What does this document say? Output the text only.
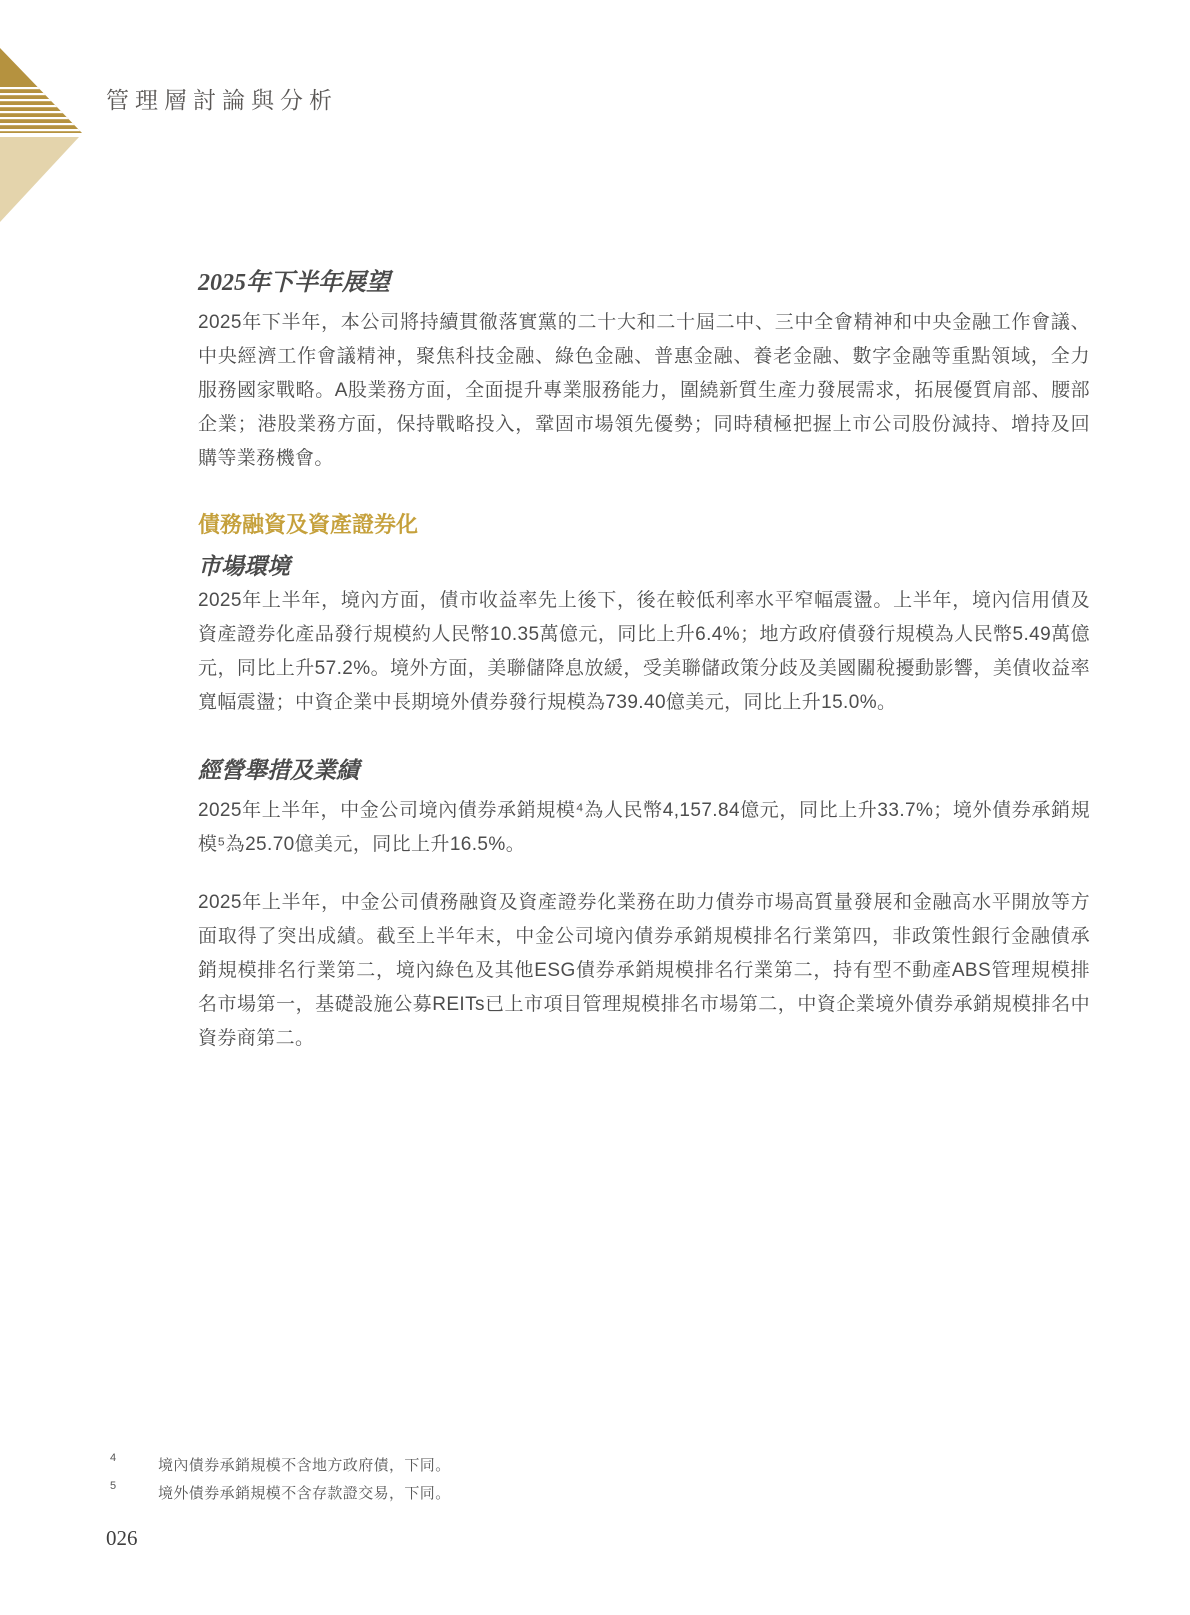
管理層討論與分析
2025年下半年展望
2025年下半年，本公司將持續貫徹落實黨的二十大和二十屆二中、三中全會精神和中央金融工作會議、中央經濟工作會議精神，聚焦科技金融、綠色金融、普惠金融、養老金融、數字金融等重點領域，全力服務國家戰略。A股業務方面，全面提升專業服務能力，圍繞新質生產力發展需求，拓展優質肩部、腰部企業；港股業務方面，保持戰略投入，鞏固市場領先優勢；同時積極把握上市公司股份減持、增持及回購等業務機會。
債務融資及資產證券化
市場環境
2025年上半年，境內方面，債市收益率先上後下，後在較低利率水平窄幅震盪。上半年，境內信用債及資產證券化產品發行規模約人民幣10.35萬億元，同比上升6.4%；地方政府債發行規模為人民幣5.49萬億元，同比上升57.2%。境外方面，美聯儲降息放緩，受美聯儲政策分歧及美國關稅擾動影響，美債收益率寬幅震盪；中資企業中長期境外債券發行規模為739.40億美元，同比上升15.0%。
經營舉措及業績
2025年上半年，中金公司境內債券承銷規模⁴為人民幣4,157.84億元，同比上升33.7%；境外債券承銷規模⁵為25.70億美元，同比上升16.5%。
2025年上半年，中金公司債務融資及資產證券化業務在助力債券市場高質量發展和金融高水平開放等方面取得了突出成績。截至上半年末，中金公司境內債券承銷規模排名行業第四，非政策性銀行金融債承銷規模排名行業第二，境內綠色及其他ESG債券承銷規模排名行業第二，持有型不動產ABS管理規模排名市場第一，基礎設施公募REITs已上市項目管理規模排名市場第二，中資企業境外債券承銷規模排名中資券商第二。
4	境內債券承銷規模不含地方政府債，下同。
5	境外債券承銷規模不含存款證交易，下同。
026
